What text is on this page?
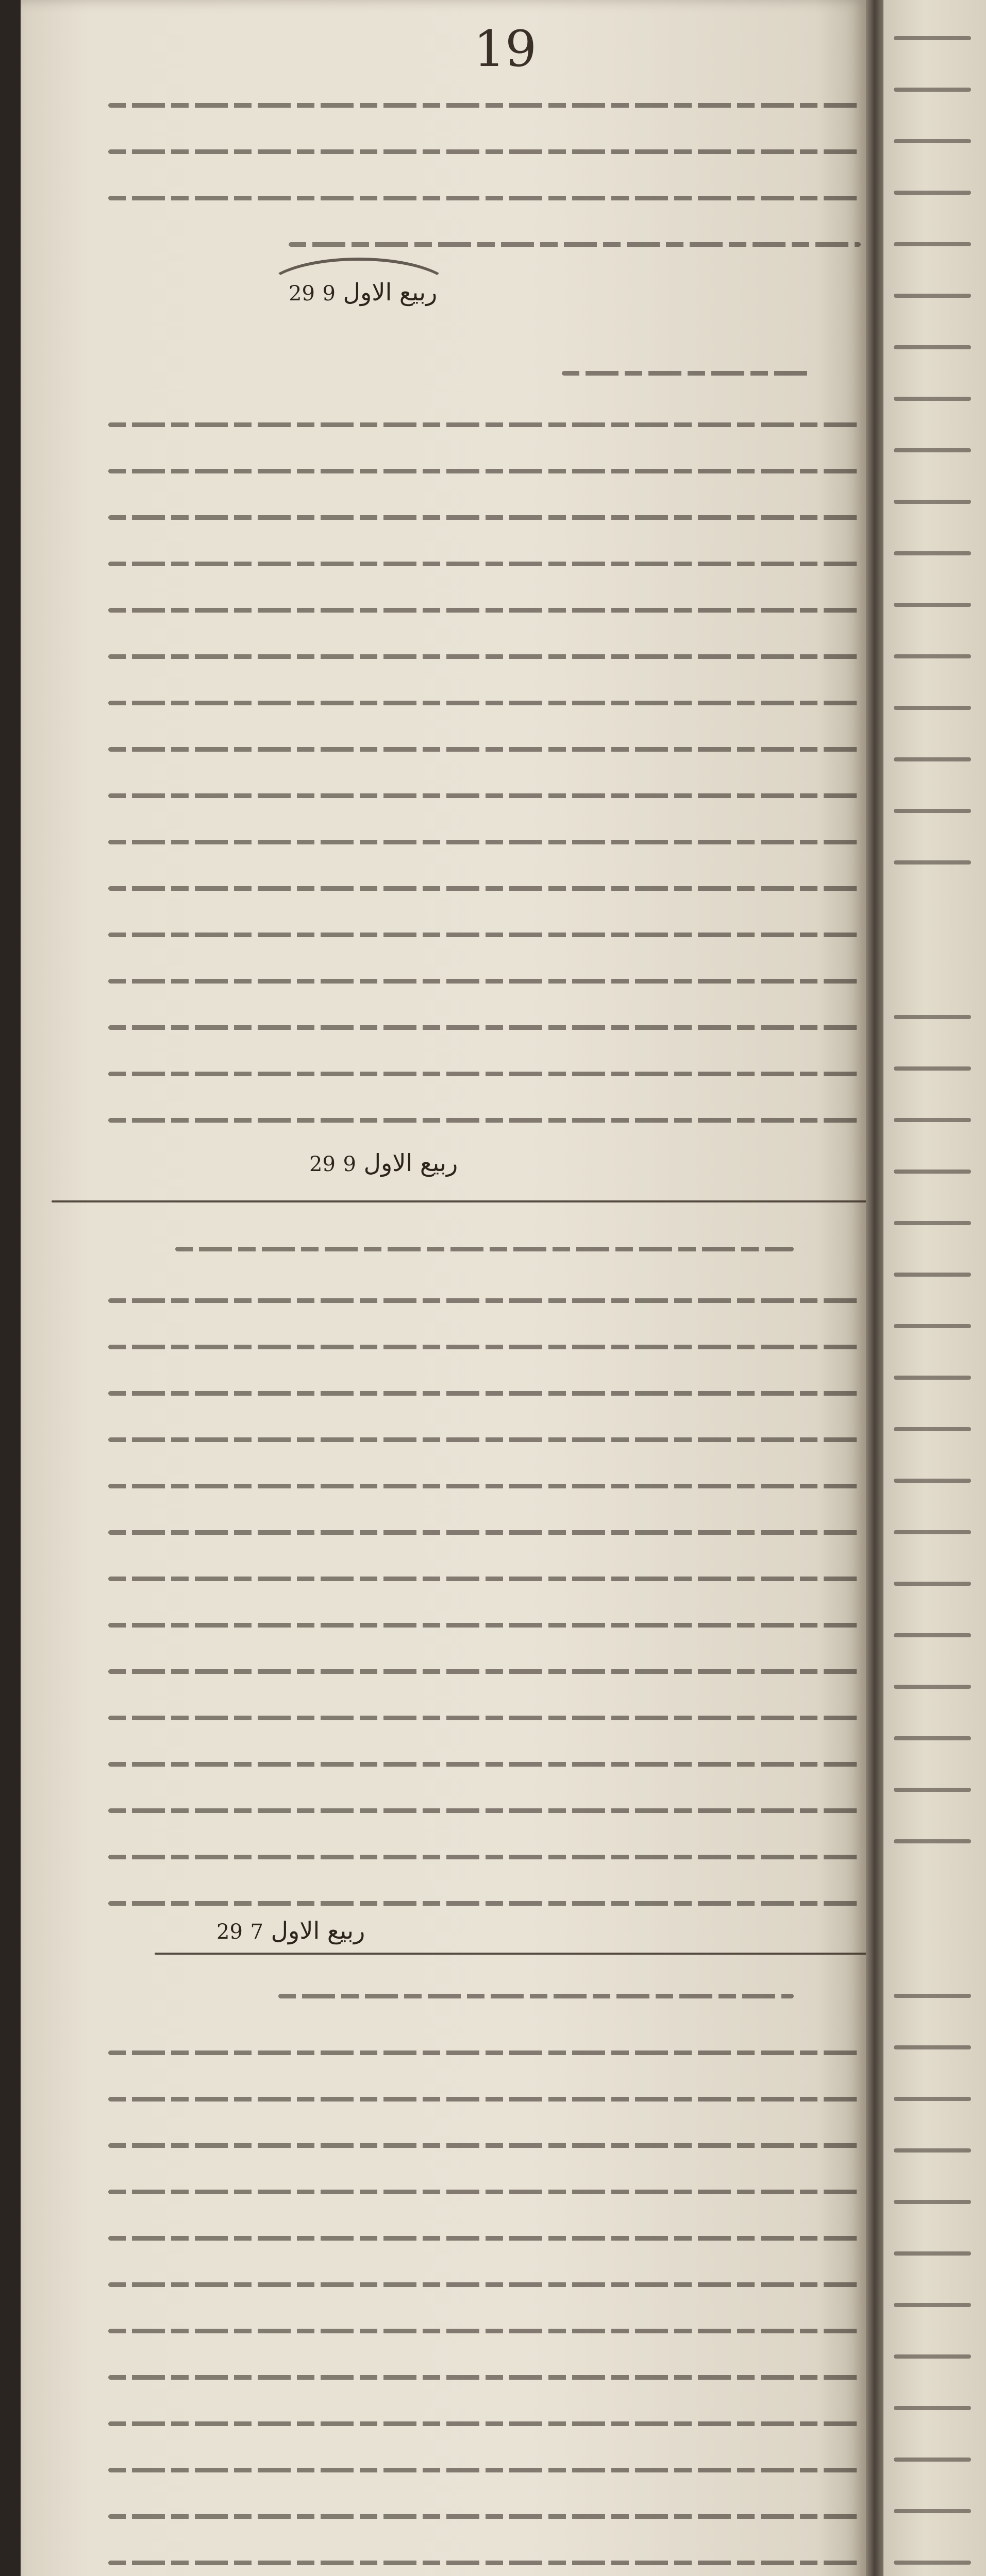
19
29 ربیع الاول 9
29 ربیع الاول 9
29 ربیع الاول 7
